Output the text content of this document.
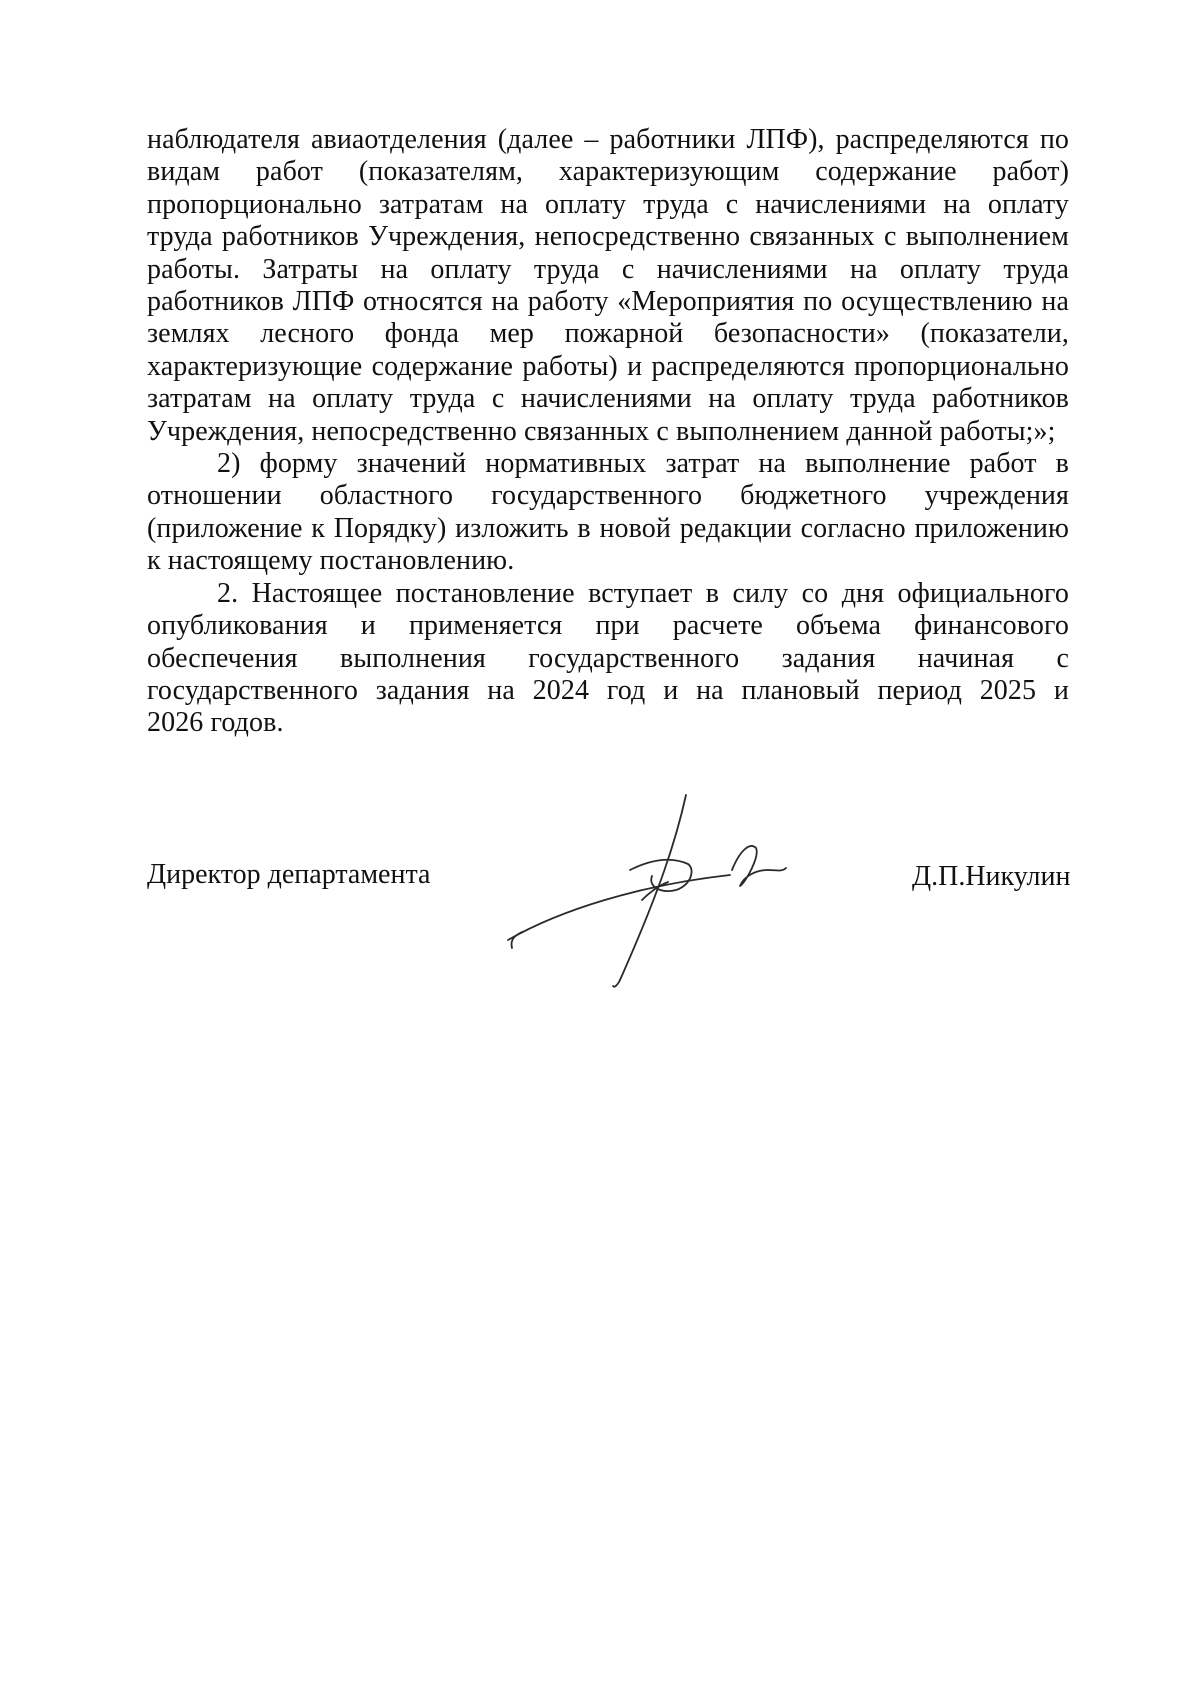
наблюдателя авиаотделения (далее – работники ЛПФ), распределяются по
видам работ (показателям, характеризующим содержание работ)
пропорционально затратам на оплату труда с начислениями на оплату
труда работников Учреждения, непосредственно связанных с выполнением
работы. Затраты на оплату труда с начислениями на оплату труда
работников ЛПФ относятся на работу «Мероприятия по осуществлению на
землях лесного фонда мер пожарной безопасности» (показатели,
характеризующие содержание работы) и распределяются пропорционально
затратам на оплату труда с начислениями на оплату труда работников
Учреждения, непосредственно связанных с выполнением данной работы;»;

2) форму значений нормативных затрат на выполнение работ в
отношении областного государственного бюджетного учреждения
(приложение к Порядку) изложить в новой редакции согласно приложению
к настоящему постановлению.

2. Настоящее постановление вступает в силу со дня официального
опубликования и применяется при расчете объема финансового
обеспечения выполнения государственного задания начиная с
государственного задания на 2024 год и на плановый период 2025 и
2026 годов.

Директор департамента	Д.П.Никулин
